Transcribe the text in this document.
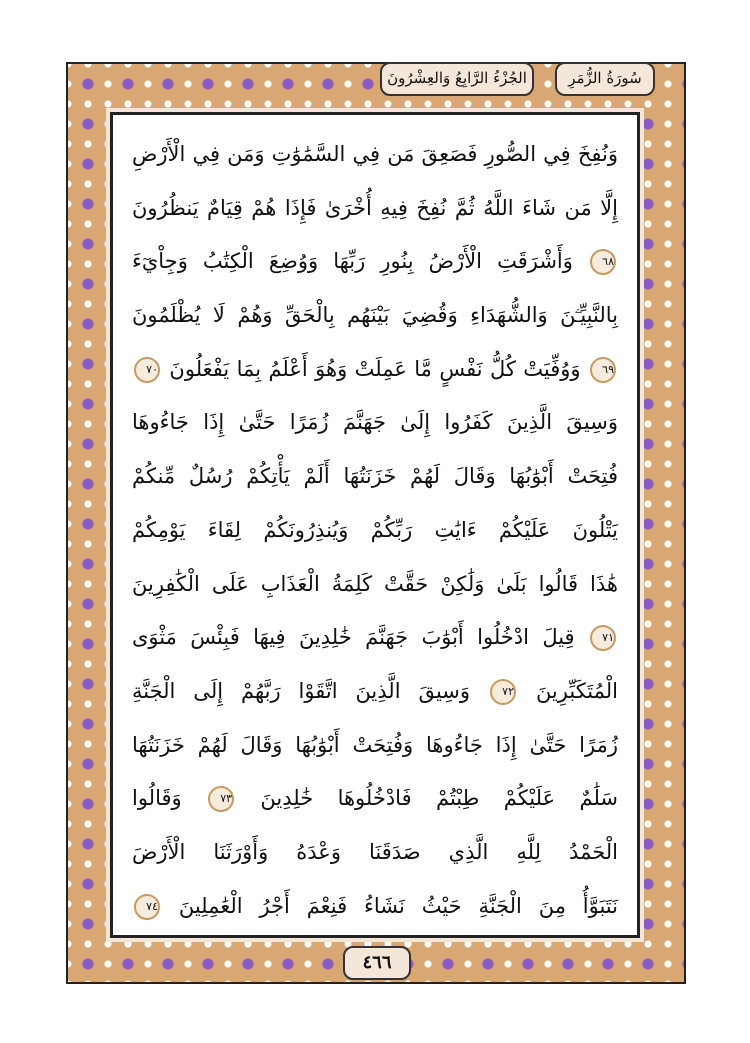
سُورَةُ الزُّمَرِ
الجُزْءُ الرَّابِعُ وَالعِشْرُونَ
٤٦٦
وَنُفِخَ فِي الصُّورِ فَصَعِقَ مَن فِي السَّمَٰوَٰتِ وَمَن فِي الْأَرْضِ
إِلَّا مَن شَاءَ اللَّهُ ثُمَّ نُفِخَ فِيهِ أُخْرَىٰ فَإِذَا هُمْ قِيَامٌ يَنظُرُونَ
٦٨ وَأَشْرَقَتِ الْأَرْضُ بِنُورِ رَبِّهَا وَوُضِعَ الْكِتَٰبُ وَجِاْيٓءَ
بِالنَّبِيِّـۧنَ وَالشُّهَدَاءِ وَقُضِيَ بَيْنَهُم بِالْحَقِّ وَهُمْ لَا يُظْلَمُونَ
٦٩ وَوُفِّيَتْ كُلُّ نَفْسٍ مَّا عَمِلَتْ وَهُوَ أَعْلَمُ بِمَا يَفْعَلُونَ ٧٠
وَسِيقَ الَّذِينَ كَفَرُوا إِلَىٰ جَهَنَّمَ زُمَرًا حَتَّىٰ إِذَا جَاءُوهَا
فُتِحَتْ أَبْوَٰبُهَا وَقَالَ لَهُمْ خَزَنَتُهَا أَلَمْ يَأْتِكُمْ رُسُلٌ مِّنكُمْ
يَتْلُونَ عَلَيْكُمْ ءَايَٰتِ رَبِّكُمْ وَيُنذِرُونَكُمْ لِقَاءَ يَوْمِكُمْ
هَٰذَا قَالُوا بَلَىٰ وَلَٰكِنْ حَقَّتْ كَلِمَةُ الْعَذَابِ عَلَى الْكَٰفِرِينَ
٧١ قِيلَ ادْخُلُوا أَبْوَٰبَ جَهَنَّمَ خَٰلِدِينَ فِيهَا فَبِئْسَ مَثْوَى
الْمُتَكَبِّرِينَ ٧٢ وَسِيقَ الَّذِينَ اتَّقَوْا رَبَّهُمْ إِلَى الْجَنَّةِ
زُمَرًا حَتَّىٰ إِذَا جَاءُوهَا وَفُتِحَتْ أَبْوَٰبُهَا وَقَالَ لَهُمْ خَزَنَتُهَا
سَلَٰمٌ عَلَيْكُمْ طِبْتُمْ فَادْخُلُوهَا خَٰلِدِينَ ٧٣ وَقَالُوا
الْحَمْدُ لِلَّهِ الَّذِي صَدَقَنَا وَعْدَهُ وَأَوْرَثَنَا الْأَرْضَ
نَتَبَوَّأُ مِنَ الْجَنَّةِ حَيْثُ نَشَاءُ فَنِعْمَ أَجْرُ الْعَٰمِلِينَ ٧٤
